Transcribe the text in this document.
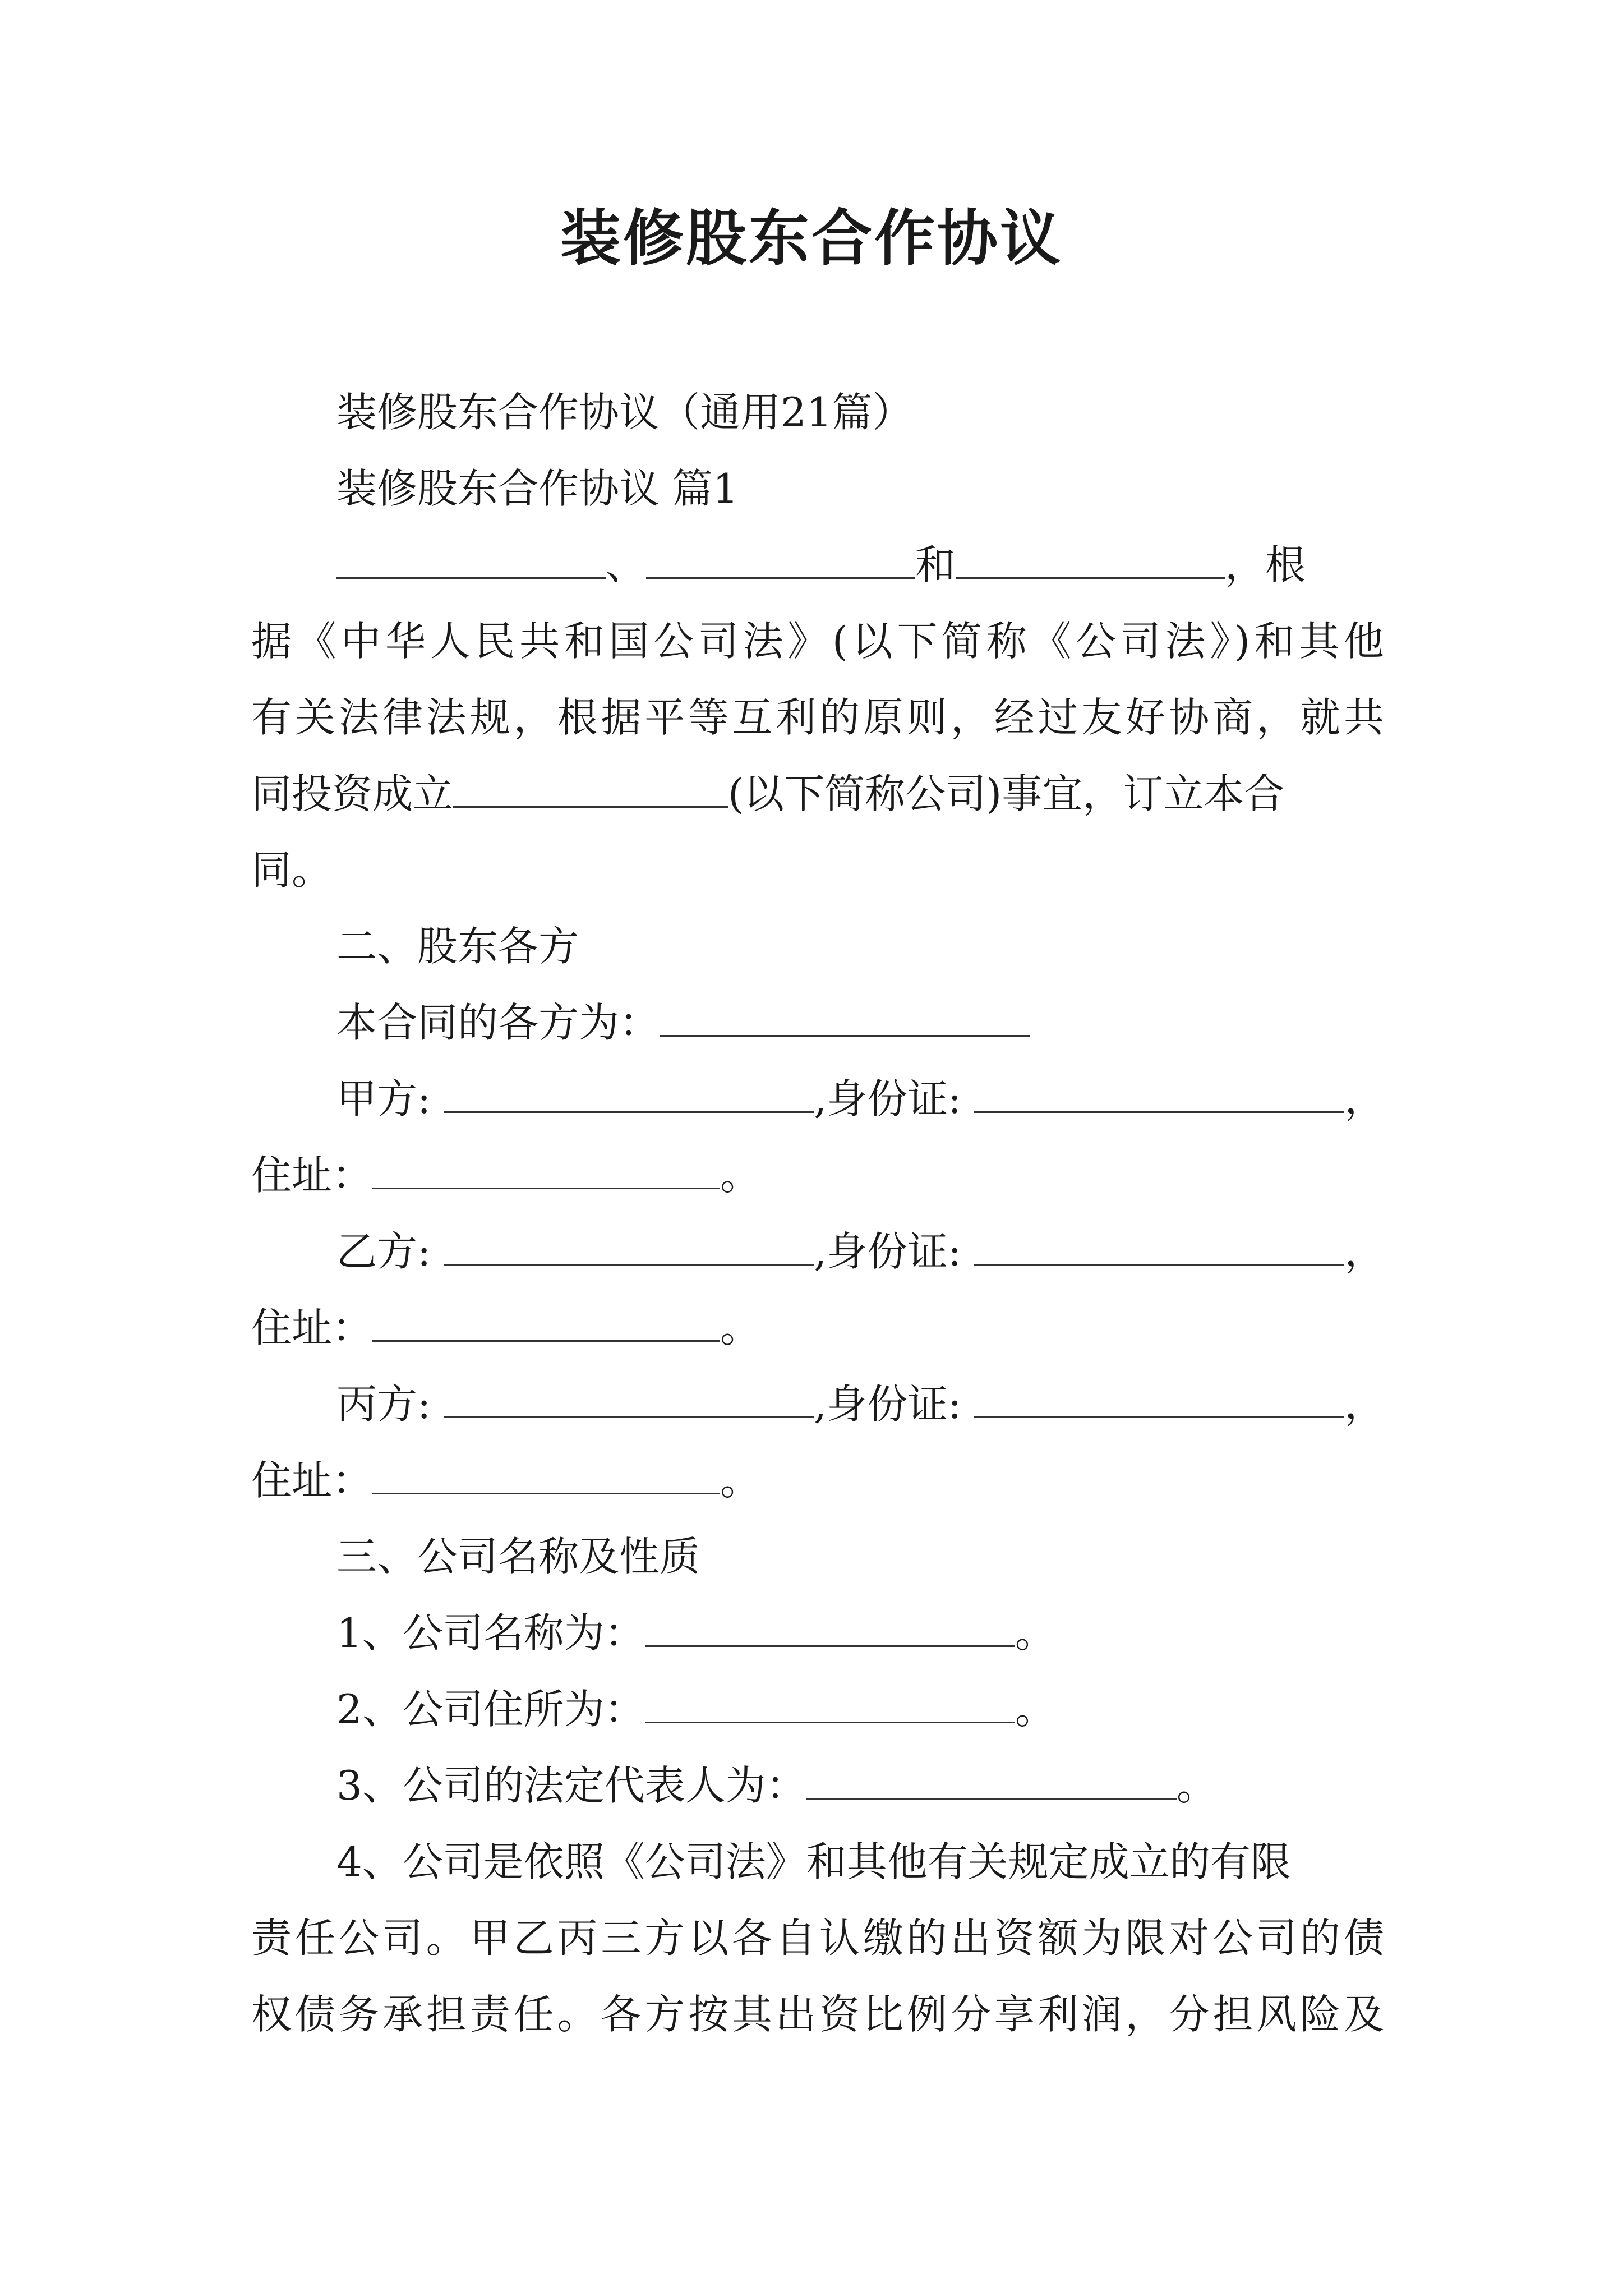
装修股东合作协议
装修股东合作协议（通用21篇）
装修股东合作协议 篇1
、	和	，根
据《中华人民共和国公司法》(以下简称《公司法》)和其他
有关法律法规，根据平等互利的原则，经过友好协商，就共
同投资成立	(以下简称公司)事宜，订立本合
同。
二、股东各方
本合同的各方为：
甲方:	,身份证:	，
住址：	。
乙方:	,身份证:	，
住址：	。
丙方:	,身份证:	，
住址：	。
三、公司名称及性质
1、公司名称为：	。
2、公司住所为：	。
3、公司的法定代表人为：	。
4、公司是依照《公司法》和其他有关规定成立的有限
责任公司。甲乙丙三方以各自认缴的出资额为限对公司的债
权债务承担责任。各方按其出资比例分享利润，分担风险及
